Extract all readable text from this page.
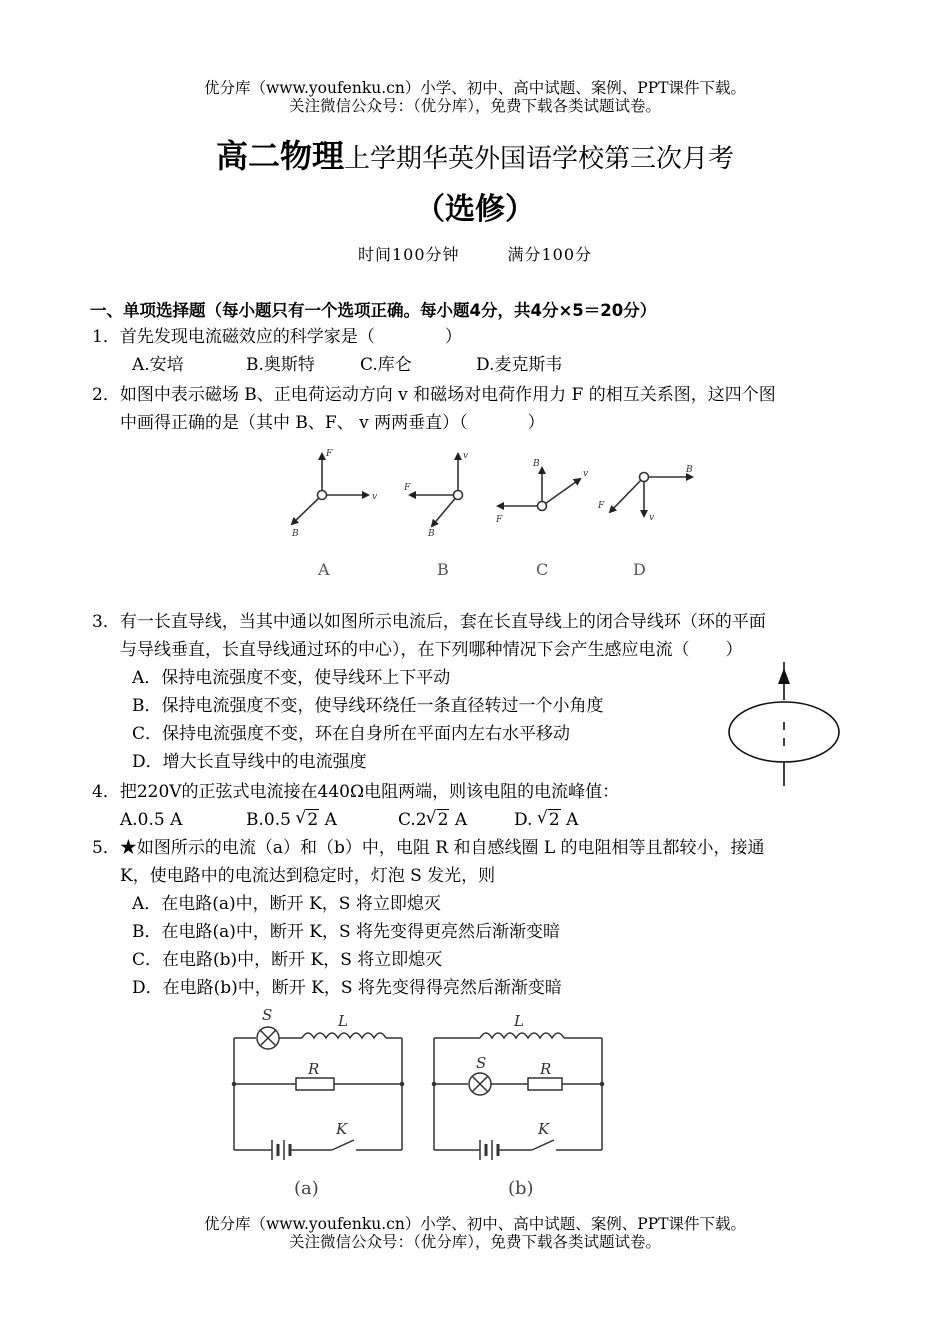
优分库（www.youfenku.cn）小学、初中、高中试题、案例、PPT课件下载。
关注微信公众号：（优分库），免费下载各类试题试卷。
高二物理上学期华英外国语学校第三次月考
（选修）
时间100分钟	满分100分
一、单项选择题（每小题只有一个选项正确。每小题4分，共4分×5＝20分）
1．首先发现电流磁效应的科学家是（	）
A.安培	B.奥斯特	C.库仑	D.麦克斯韦
2．如图中表示磁场 B、正电荷运动方向 v 和磁场对电荷作用力 F 的相互关系图，这四个图
中画得正确的是（其中 B、F、 v 两两垂直）（	）
F
v
B
v
F
B
B
v
F
B
v
F
A	B	C	D
3．有一长直导线，当其中通以如图所示电流后，套在长直导线上的闭合导线环（环的平面
与导线垂直，长直导线通过环的中心），在下列哪种情况下会产生感应电流（ ）
A．保持电流强度不变，使导线环上下平动
B．保持电流强度不变，使导线环绕任一条直径转过一个小角度
C．保持电流强度不变，环在自身所在平面内左右水平移动
D．增大长直导线中的电流强度
4．把220V的正弦式电流接在440Ω电阻两端，则该电阻的电流峰值：
A.0.5 A	B.0.5 √ 2 A	C.2 √ 2 A	D. √ 2 A
5．★如图所示的电流（a）和（b）中，电阻 R 和自感线圈 L 的电阻相等且都较小，接通
K，使电路中的电流达到稳定时，灯泡 S 发光，则
A．在电路(a)中，断开 K，S 将立即熄灭
B．在电路(a)中，断开 K，S 将先变得更亮然后渐渐变暗
C．在电路(b)中，断开 K，S 将立即熄灭
D．在电路(b)中，断开 K，S 将先变得得亮然后渐渐变暗
S	L
R
K
L
S	R
K
(a)	(b)
优分库（www.youfenku.cn）小学、初中、高中试题、案例、PPT课件下载。
关注微信公众号：（优分库），免费下载各类试题试卷。
